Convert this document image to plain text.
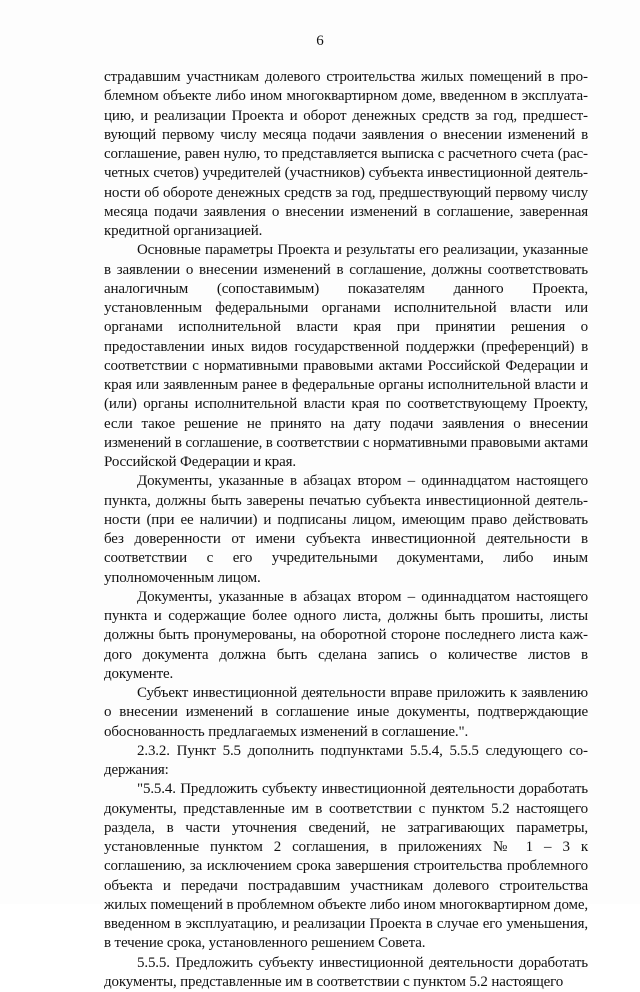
6

страдавшим участникам долевого строительства жилых помещений в проблемном объекте либо ином многоквартирном доме, введенном в эксплуатацию, и реализации Проекта и оборот денежных средств за год, предшествующий первому числу месяца подачи заявления о внесении изменений в соглашение, равен нулю, то представляется выписка с расчетного счета (расчетных счетов) учредителей (участников) субъекта инвестиционной деятельности об обороте денежных средств за год, предшествующий первому числу месяца подачи заявления о внесении изменений в соглашение, заверенная кредитной организацией.

Основные параметры Проекта и результаты его реализации, указанные в заявлении о внесении изменений в соглашение, должны соответствовать аналогичным (сопоставимым) показателям данного Проекта, установленным федеральными органами исполнительной власти или органами исполнительной власти края при принятии решения о предоставлении иных видов государственной поддержки (преференций) в соответствии с нормативными правовыми актами Российской Федерации и края или заявленным ранее в федеральные органы исполнительной власти и (или) органы исполнительной власти края по соответствующему Проекту, если такое решение не принято на дату подачи заявления о внесении изменений в соглашение, в соответствии с нормативными правовыми актами Российской Федерации и края.

Документы, указанные в абзацах втором – одиннадцатом настоящего пункта, должны быть заверены печатью субъекта инвестиционной деятельности (при ее наличии) и подписаны лицом, имеющим право действовать без доверенности от имени субъекта инвестиционной деятельности в соответствии с его учредительными документами, либо иным уполномоченным лицом.

Документы, указанные в абзацах втором – одиннадцатом настоящего пункта и содержащие более одного листа, должны быть прошиты, листы должны быть пронумерованы, на оборотной стороне последнего листа каждого документа должна быть сделана запись о количестве листов в документе.

Субъект инвестиционной деятельности вправе приложить к заявлению о внесении изменений в соглашение иные документы, подтверждающие обоснованность предлагаемых изменений в соглашение.".

2.3.2. Пункт 5.5 дополнить подпунктами 5.5.4, 5.5.5 следующего содержания:

"5.5.4. Предложить субъекту инвестиционной деятельности доработать документы, представленные им в соответствии с пунктом 5.2 настоящего раздела, в части уточнения сведений, не затрагивающих параметры, установленные пунктом 2 соглашения, в приложениях № 1 – 3 к соглашению, за исключением срока завершения строительства проблемного объекта и передачи пострадавшим участникам долевого строительства жилых помещений в проблемном объекте либо ином многоквартирном доме, введенном в эксплуатацию, и реализации Проекта в случае его уменьшения, в течение срока, установленного решением Совета.

5.5.5. Предложить субъекту инвестиционной деятельности доработать документы, представленные им в соответствии с пунктом 5.2 настоящего
